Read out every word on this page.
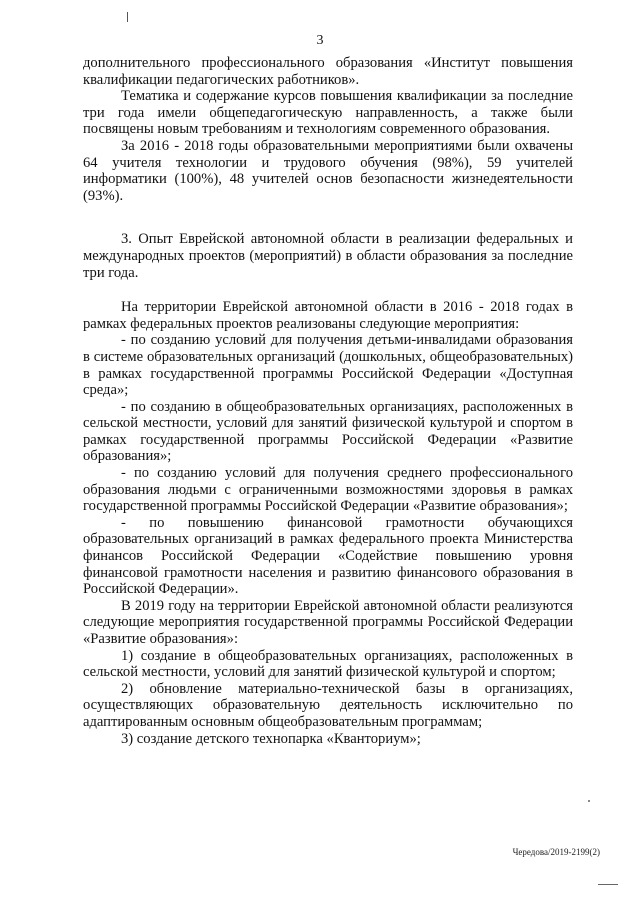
3

дополнительного профессионального образования «Институт повышения квалификации педагогических работников».

Тематика и содержание курсов повышения квалификации за последние три года имели общепедагогическую направленность, а также были посвящены новым требованиям и технологиям современного образования.

За 2016 - 2018 годы образовательными мероприятиями были охвачены 64 учителя технологии и трудового обучения (98%), 59 учителей информатики (100%), 48 учителей основ безопасности жизнедеятельности (93%).

3. Опыт Еврейской автономной области в реализации федеральных и международных проектов (мероприятий) в области образования за последние три года.

На территории Еврейской автономной области в 2016 - 2018 годах в рамках федеральных проектов реализованы следующие мероприятия:

- по созданию условий для получения детьми-инвалидами образования в системе образовательных организаций (дошкольных, общеобразовательных) в рамках государственной программы Российской Федерации «Доступная среда»;

- по созданию в общеобразовательных организациях, расположенных в сельской местности, условий для занятий физической культурой и спортом в рамках государственной программы Российской Федерации «Развитие образования»;

- по созданию условий для получения среднего профессионального образования людьми с ограниченными возможностями здоровья в рамках государственной программы Российской Федерации «Развитие образования»;

- по повышению финансовой грамотности обучающихся образовательных организаций в рамках федерального проекта Министерства финансов Российской Федерации «Содействие повышению уровня финансовой грамотности населения и развитию финансового образования в Российской Федерации».

В 2019 году на территории Еврейской автономной области реализуются следующие мероприятия государственной программы Российской Федерации «Развитие образования»:

1) создание в общеобразовательных организациях, расположенных в сельской местности, условий для занятий физической культурой и спортом;

2) обновление материально-технической базы в организациях, осуществляющих образовательную деятельность исключительно по адаптированным основным общеобразовательным программам;

3) создание детского технопарка «Кванториум»;

Чередова/2019-2199(2)
